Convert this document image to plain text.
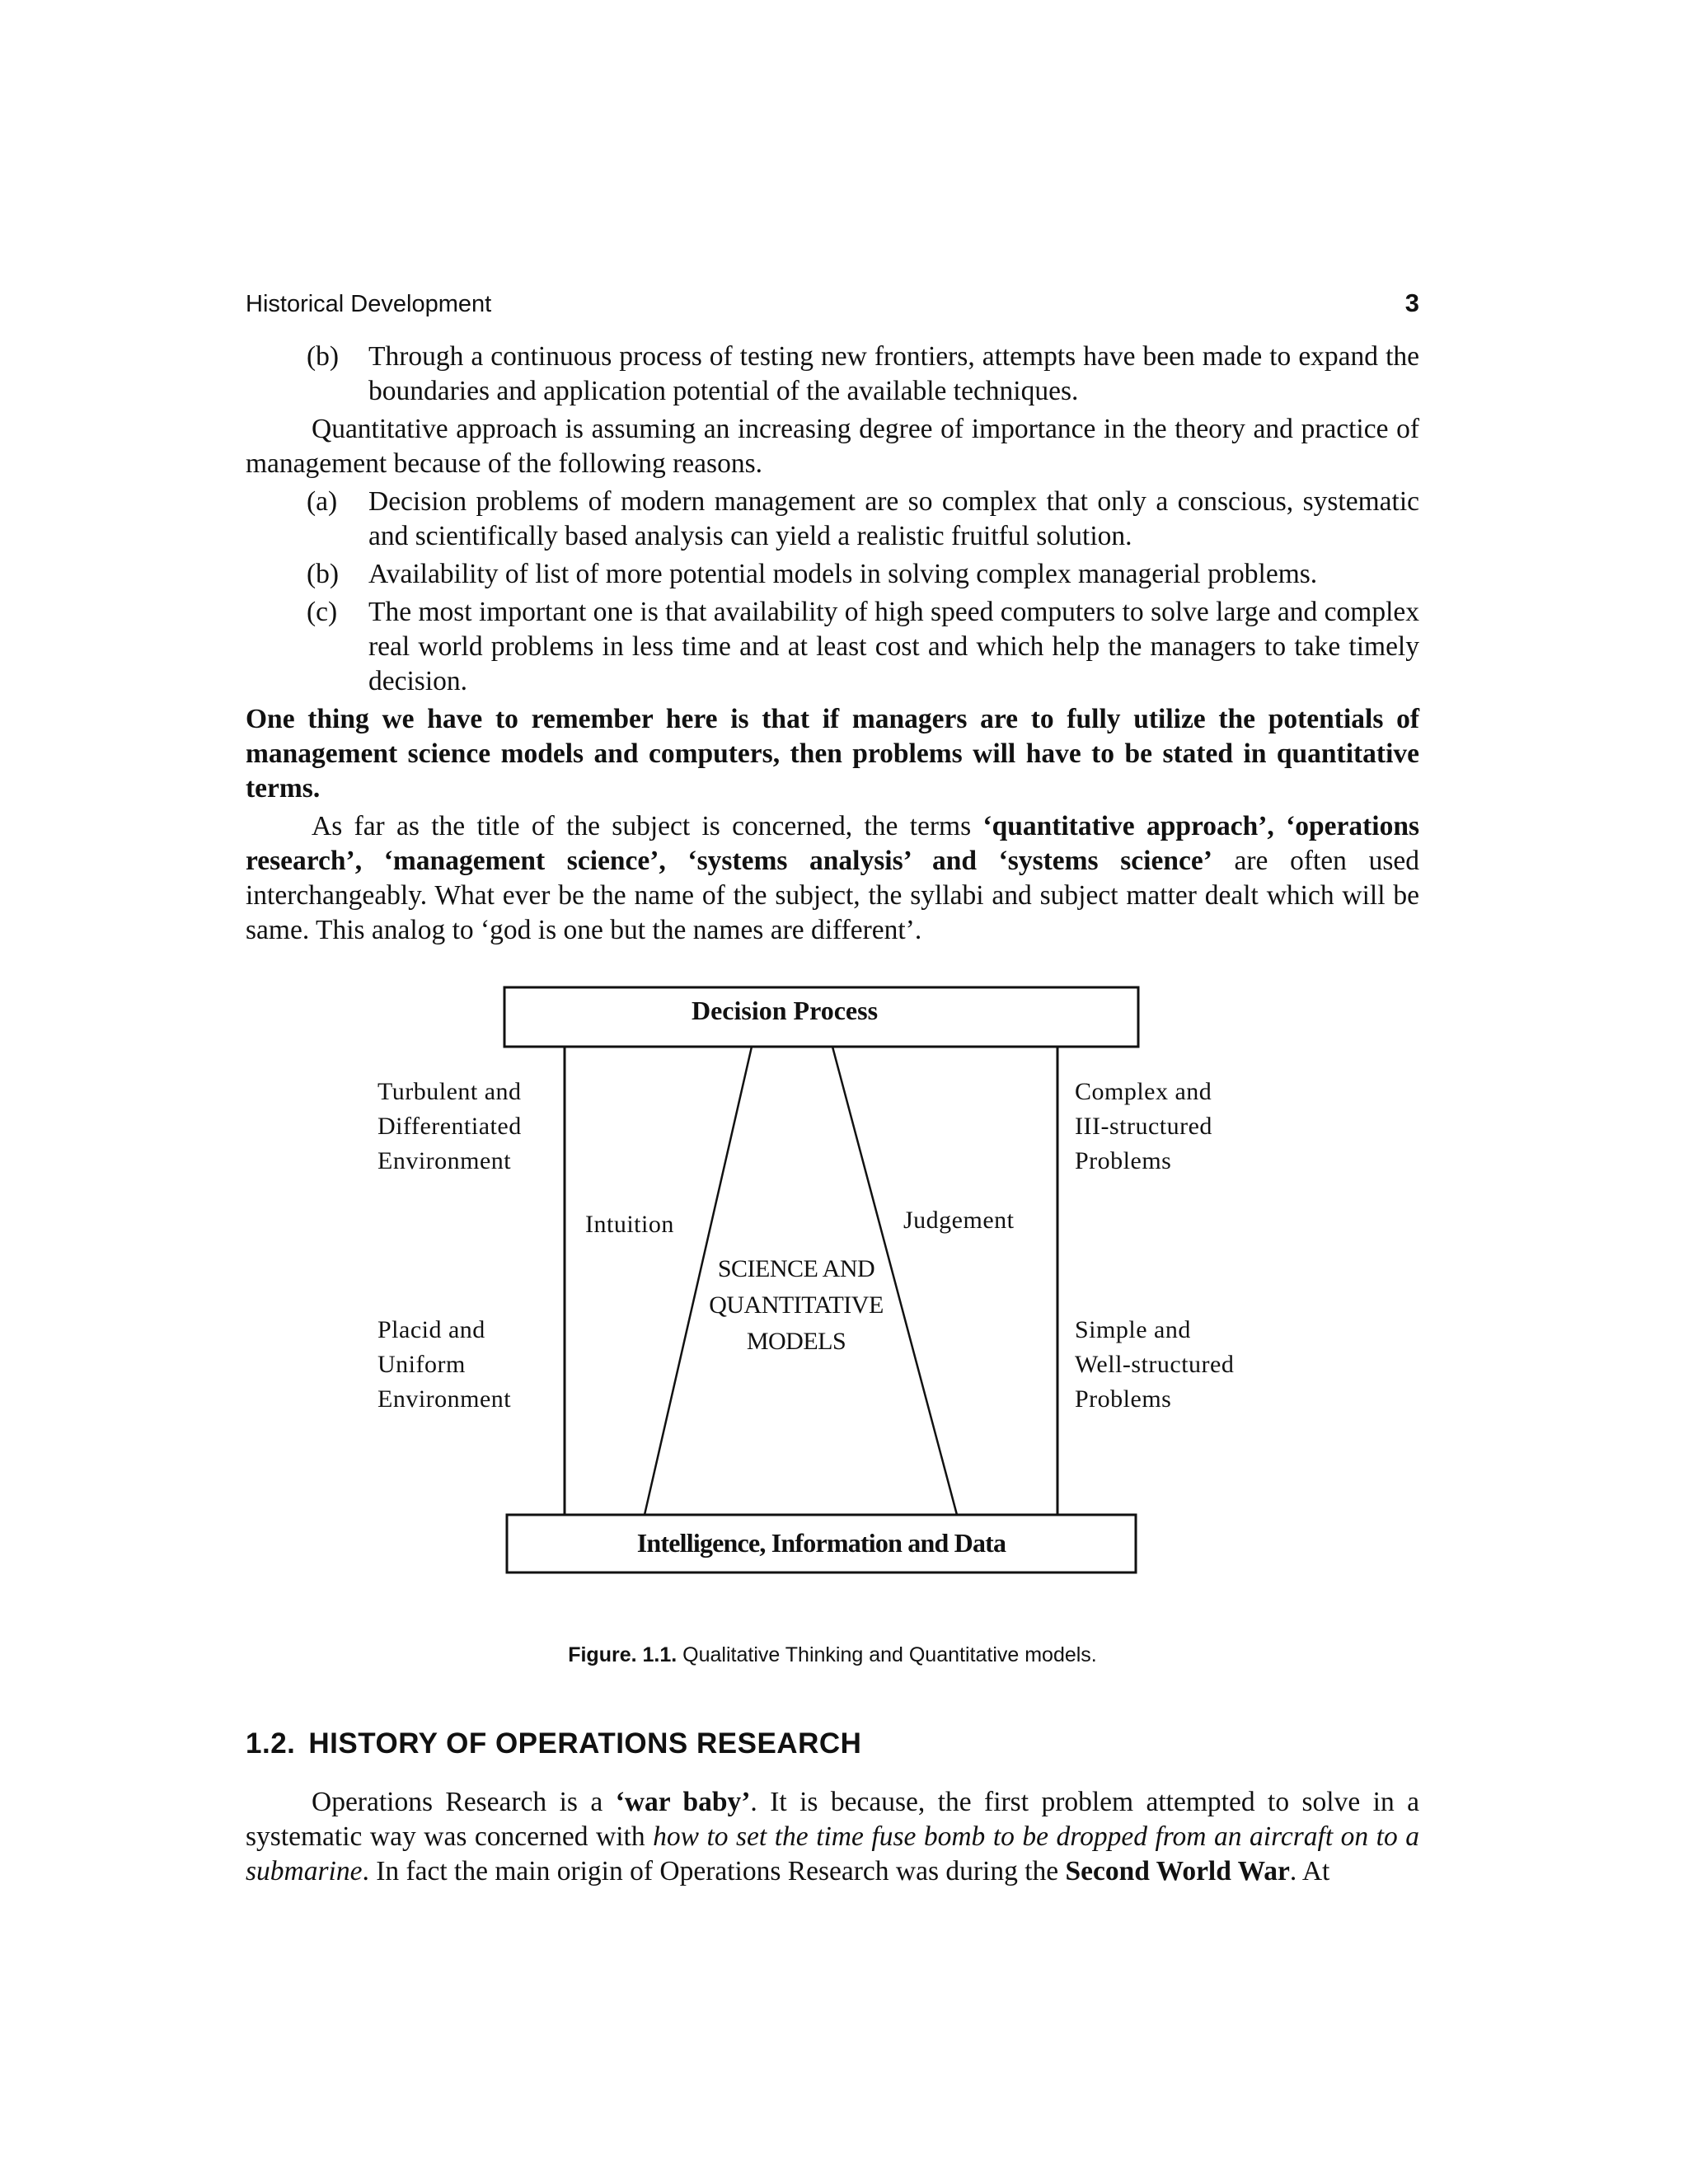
Historical Development	3
(b)	Through a continuous process of testing new frontiers, attempts have been made to expand the boundaries and application potential of the available techniques.

Quantitative approach is assuming an increasing degree of importance in the theory and practice of management because of the following reasons.

(a)	Decision problems of modern management are so complex that only a conscious, systematic and scientifically based analysis can yield a realistic fruitful solution.
(b)	Availability of list of more potential models in solving complex managerial problems.
(c)	The most important one is that availability of high speed computers to solve large and complex real world problems in less time and at least cost and which help the managers to take timely decision.

One thing we have to remember here is that if managers are to fully utilize the potentials of management science models and computers, then problems will have to be stated in quantitative terms.

As far as the title of the subject is concerned, the terms ‘quantitative approach’, ‘operations research’, ‘management science’, ‘systems analysis’ and ‘systems science’ are often used interchangeably. What ever be the name of the subject, the syllabi and subject matter dealt which will be same. This analog to ‘god is one but the names are different’.

Decision Process
Intelligence, Information and Data
Turbulent and
Differentiated
Environment
Placid and
Uniform
Environment
Complex and
III-structured
Problems
Simple and
Well-structured
Problems
Intuition	Judgement
SCIENCE AND
QUANTITATIVE
MODELS
Figure. 1.1. Qualitative Thinking and Quantitative models.
1.2. HISTORY OF OPERATIONS RESEARCH

Operations Research is a ‘war baby’. It is because, the first problem attempted to solve in a systematic way was concerned with how to set the time fuse bomb to be dropped from an aircraft on to a submarine. In fact the main origin of Operations Research was during the Second World War. At
